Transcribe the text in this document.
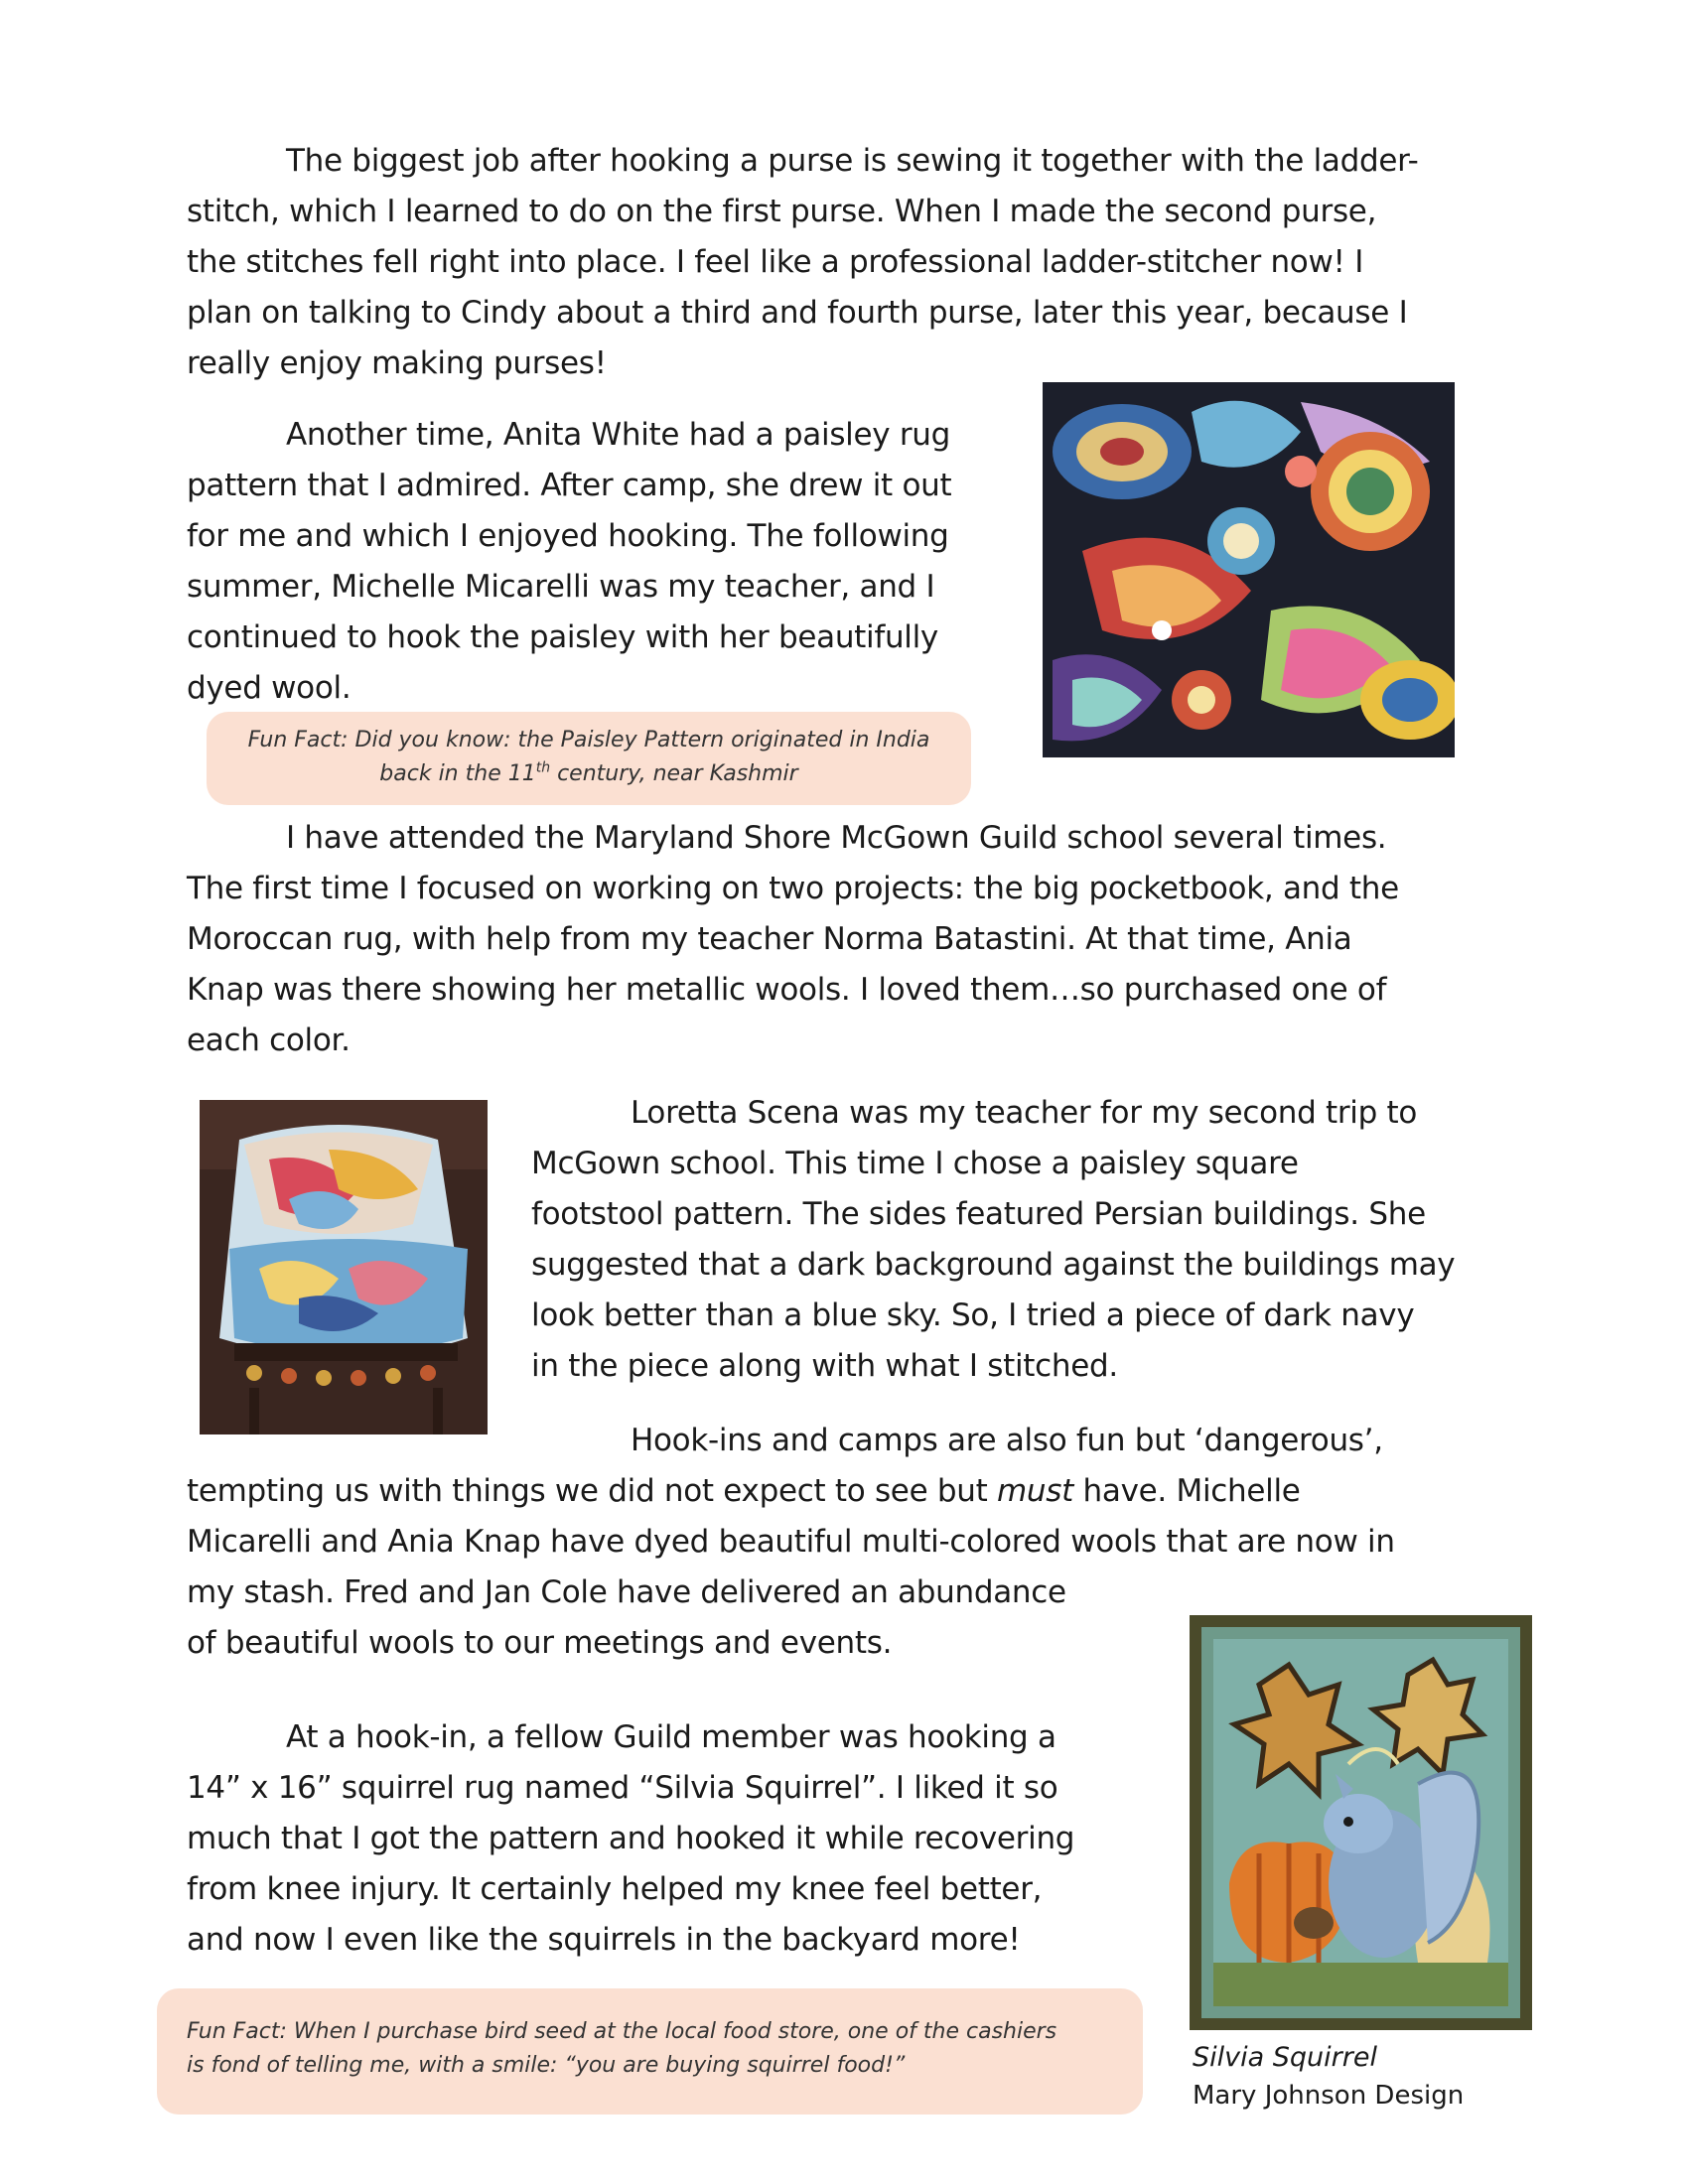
The biggest job after hooking a purse is sewing it together with the ladder-
stitch, which I learned to do on the first purse. When I made the second purse,
the stitches fell right into place. I feel like a professional ladder-stitcher now! I
plan on talking to Cindy about a third and fourth purse, later this year, because I
really enjoy making purses!
Another time, Anita White had a paisley rug
pattern that I admired. After camp, she drew it out
for me and which I enjoyed hooking. The following
summer, Michelle Micarelli was my teacher, and I
continued to hook the paisley with her beautifully
dyed wool.
Fun Fact: Did you know: the Paisley Pattern originated in India
back in the 11th century, near Kashmir
I have attended the Maryland Shore McGown Guild school several times.
The first time I focused on working on two projects: the big pocketbook, and the
Moroccan rug, with help from my teacher Norma Batastini. At that time, Ania
Knap was there showing her metallic wools. I loved them…so purchased one of
each color.
Loretta Scena was my teacher for my second trip to
McGown school. This time I chose a paisley square
footstool pattern. The sides featured Persian buildings. She
suggested that a dark background against the buildings may
look better than a blue sky. So, I tried a piece of dark navy
in the piece along with what I stitched.
Hook-ins and camps are also fun but ‘dangerous’,
tempting us with things we did not expect to see but must have. Michelle
Micarelli and Ania Knap have dyed beautiful multi-colored wools that are now in
my stash. Fred and Jan Cole have delivered an abundance
of beautiful wools to our meetings and events.
At a hook-in, a fellow Guild member was hooking a
14” x 16” squirrel rug named “Silvia Squirrel”. I liked it so
much that I got the pattern and hooked it while recovering
from knee injury. It certainly helped my knee feel better,
and now I even like the squirrels in the backyard more!
Silvia Squirrel
Mary Johnson Design
Fun Fact: When I purchase bird seed at the local food store, one of the cashiers
is fond of telling me, with a smile: “you are buying squirrel food!”
